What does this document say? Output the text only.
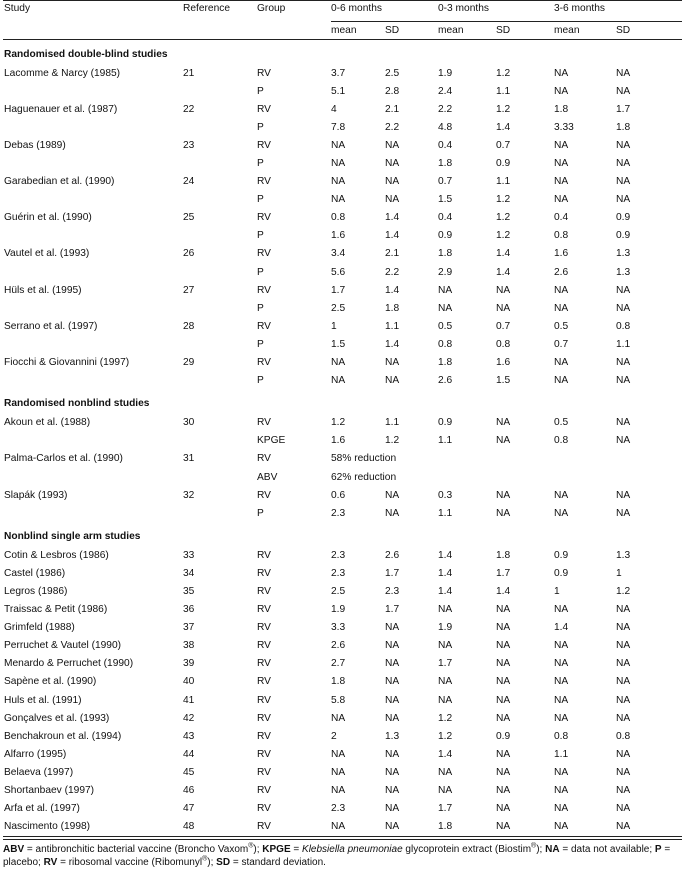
Study	Reference	Group	0-6 months		0-3 months		3-6 months	
			mean	SD	mean	SD	mean	SD
Randomised double-blind studies								
Lacomme & Narcy (1985)	21	RV	3.7	2.5	1.9	1.2	NA	NA
		P	5.1	2.8	2.4	1.1	NA	NA
Haguenauer et al. (1987)	22	RV	4	2.1	2.2	1.2	1.8	1.7
		P	7.8	2.2	4.8	1.4	3.33	1.8
Debas (1989)	23	RV	NA	NA	0.4	0.7	NA	NA
		P	NA	NA	1.8	0.9	NA	NA
Garabedian et al. (1990)	24	RV	NA	NA	0.7	1.1	NA	NA
		P	NA	NA	1.5	1.2	NA	NA
Guérin et al. (1990)	25	RV	0.8	1.4	0.4	1.2	0.4	0.9
		P	1.6	1.4	0.9	1.2	0.8	0.9
Vautel et al. (1993)	26	RV	3.4	2.1	1.8	1.4	1.6	1.3
		P	5.6	2.2	2.9	1.4	2.6	1.3
Hüls et al. (1995)	27	RV	1.7	1.4	NA	NA	NA	NA
		P	2.5	1.8	NA	NA	NA	NA
Serrano et al. (1997)	28	RV	1	1.1	0.5	0.7	0.5	0.8
		P	1.5	1.4	0.8	0.8	0.7	1.1
Fiocchi & Giovannini (1997)	29	RV	NA	NA	1.8	1.6	NA	NA
		P	NA	NA	2.6	1.5	NA	NA
Randomised nonblind studies								
Akoun et al. (1988)	30	RV	1.2	1.1	0.9	NA	0.5	NA
		KPGE	1.6	1.2	1.1	NA	0.8	NA
Palma-Carlos et al. (1990)	31	RV	58% reduction					
		ABV	62% reduction					
Slapák (1993)	32	RV	0.6	NA	0.3	NA	NA	NA
		P	2.3	NA	1.1	NA	NA	NA
Nonblind single arm studies								
Cotin & Lesbros (1986)	33	RV	2.3	2.6	1.4	1.8	0.9	1.3
Castel (1986)	34	RV	2.3	1.7	1.4	1.7	0.9	1
Legros (1986)	35	RV	2.5	2.3	1.4	1.4	1	1.2
Traissac & Petit (1986)	36	RV	1.9	1.7	NA	NA	NA	NA
Grimfeld (1988)	37	RV	3.3	NA	1.9	NA	1.4	NA
Perruchet & Vautel (1990)	38	RV	2.6	NA	NA	NA	NA	NA
Menardo & Perruchet (1990)	39	RV	2.7	NA	1.7	NA	NA	NA
Sapène et al. (1990)	40	RV	1.8	NA	NA	NA	NA	NA
Huls et al. (1991)	41	RV	5.8	NA	NA	NA	NA	NA
Gonçalves et al. (1993)	42	RV	NA	NA	1.2	NA	NA	NA
Benchakroun et al. (1994)	43	RV	2	1.3	1.2	0.9	0.8	0.8
Alfarro (1995)	44	RV	NA	NA	1.4	NA	1.1	NA
Belaeva (1997)	45	RV	NA	NA	NA	NA	NA	NA
Shortanbaev (1997)	46	RV	NA	NA	NA	NA	NA	NA
Arfa et al. (1997)	47	RV	2.3	NA	1.7	NA	NA	NA
Nascimento (1998)	48	RV	NA	NA	1.8	NA	NA	NA
ABV = antibronchitic bacterial vaccine (Broncho Vaxom®); KPGE = Klebsiella pneumoniae glycoprotein extract (Biostim®); NA = data not available; P = placebo; RV = ribosomal vaccine (Ribomunyl®); SD = standard deviation.
